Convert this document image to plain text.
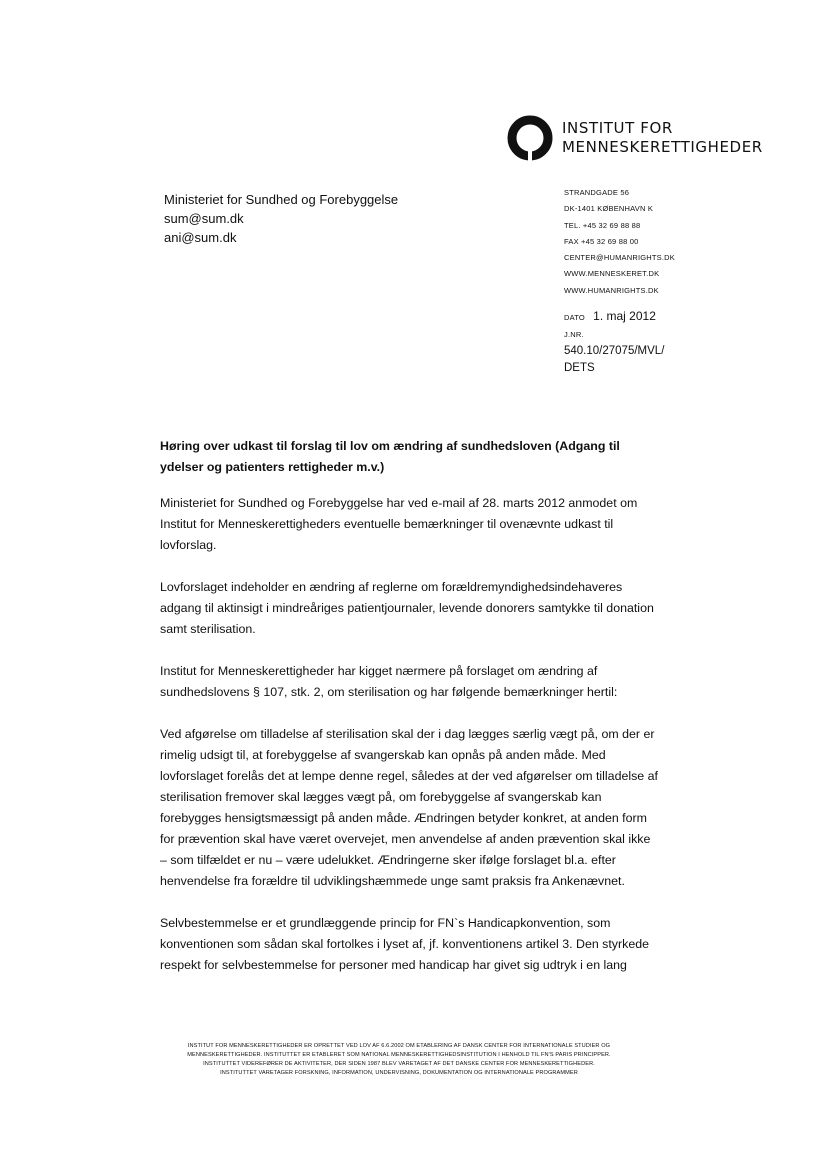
INSTITUT FOR
MENNESKERETTIGHEDER
Ministeriet for Sundhed og Forebyggelse
sum@sum.dk
ani@sum.dk
STRANDGADE 56
DK-1401 KØBENHAVN K
TEL. +45 32 69 88 88
FAX +45 32 69 88 00
CENTER@HUMANRIGHTS.DK
WWW.MENNESKERET.DK
WWW.HUMANRIGHTS.DK
DATO 1. maj 2012
J.NR.
540.10/27075/MVL/
DETS
Høring over udkast til forslag til lov om ændring af sundhedsloven (Adgang til ydelser og patienters rettigheder m.v.)

Ministeriet for Sundhed og Forebyggelse har ved e-mail af 28. marts 2012 anmodet om Institut for Menneskerettigheders eventuelle bemærkninger til ovenævnte udkast til lovforslag.

Lovforslaget indeholder en ændring af reglerne om forældremyndighedsindehaveres adgang til aktinsigt i mindreåriges patientjournaler, levende donorers samtykke til donation samt sterilisation.

Institut for Menneskerettigheder har kigget nærmere på forslaget om ændring af sundhedslovens § 107, stk. 2, om sterilisation og har følgende bemærkninger hertil:

Ved afgørelse om tilladelse af sterilisation skal der i dag lægges særlig vægt på, om der er rimelig udsigt til, at forebyggelse af svangerskab kan opnås på anden måde. Med lovforslaget forelås det at lempe denne regel, således at der ved afgørelser om tilladelse af sterilisation fremover skal lægges vægt på, om forebyggelse af svangerskab kan forebygges hensigtsmæssigt på anden måde. Ændringen betyder konkret, at anden form for prævention skal have været overvejet, men anvendelse af anden prævention skal ikke – som tilfældet er nu – være udelukket. Ændringerne sker ifølge forslaget bl.a. efter henvendelse fra forældre til udviklingshæmmede unge samt praksis fra Ankenævnet.

Selvbestemmelse er et grundlæggende princip for FN`s Handicapkonvention, som konventionen som sådan skal fortolkes i lyset af, jf. konventionens artikel 3. Den styrkede respekt for selvbestemmelse for personer med handicap har givet sig udtryk i en lang

INSTITUT FOR MENNESKERETTIGHEDER ER OPRETTET VED LOV AF 6.6.2002 OM ETABLERING AF DANSK CENTER FOR INTERNATIONALE STUDIER OG
MENNESKERETTIGHEDER. INSTITUTTET ER ETABLERET SOM NATIONAL MENNESKERETTIGHEDSINSTITUTION I HENHOLD TIL FN'S PARIS PRINCIPPER.
INSTITUTTET VIDEREFØRER DE AKTIVITETER, DER SIDEN 1987 BLEV VARETAGET AF DET DANSKE CENTER FOR MENNESKERETTIGHEDER.
INSTITUTTET VARETAGER FORSKNING, INFORMATION, UNDERVISNING, DOKUMENTATION OG INTERNATIONALE PROGRAMMER
